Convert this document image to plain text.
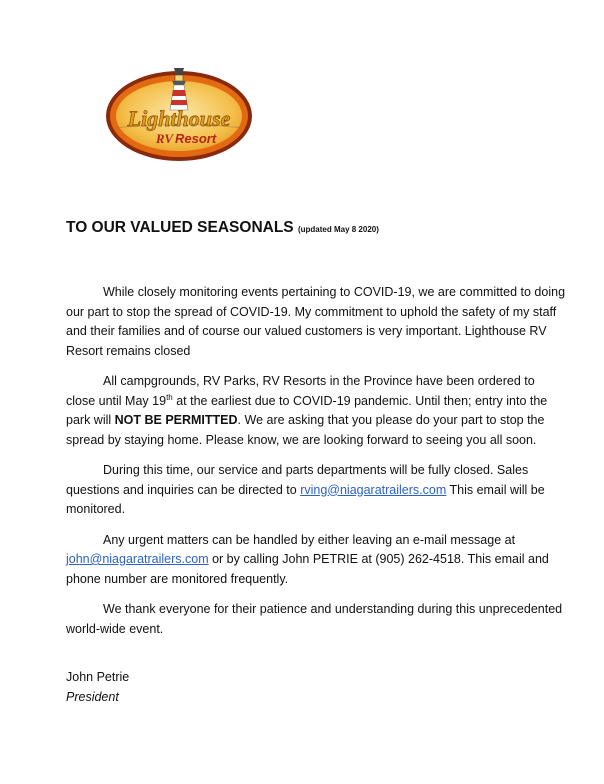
Lighthouse
RV Resort
TO OUR VALUED SEASONALS (updated May 8 2020)

While closely monitoring events pertaining to COVID-19, we are committed to doing our part to stop the spread of COVID-19. My commitment to uphold the safety of my staff and their families and of course our valued customers is very important. Lighthouse RV Resort remains closed

All campgrounds, RV Parks, RV Resorts in the Province have been ordered to close until May 19th at the earliest due to COVID-19 pandemic. Until then; entry into the park will NOT BE PERMITTED. We are asking that you please do your part to stop the spread by staying home. Please know, we are looking forward to seeing you all soon.

During this time, our service and parts departments will be fully closed. Sales questions and inquiries can be directed to rving@niagaratrailers.com This email will be monitored.

Any urgent matters can be handled by either leaving an e-mail message at john@niagaratrailers.com or by calling John PETRIE at (905) 262-4518. This email and phone number are monitored frequently.

We thank everyone for their patience and understanding during this unprecedented world-wide event.

John Petrie
President
